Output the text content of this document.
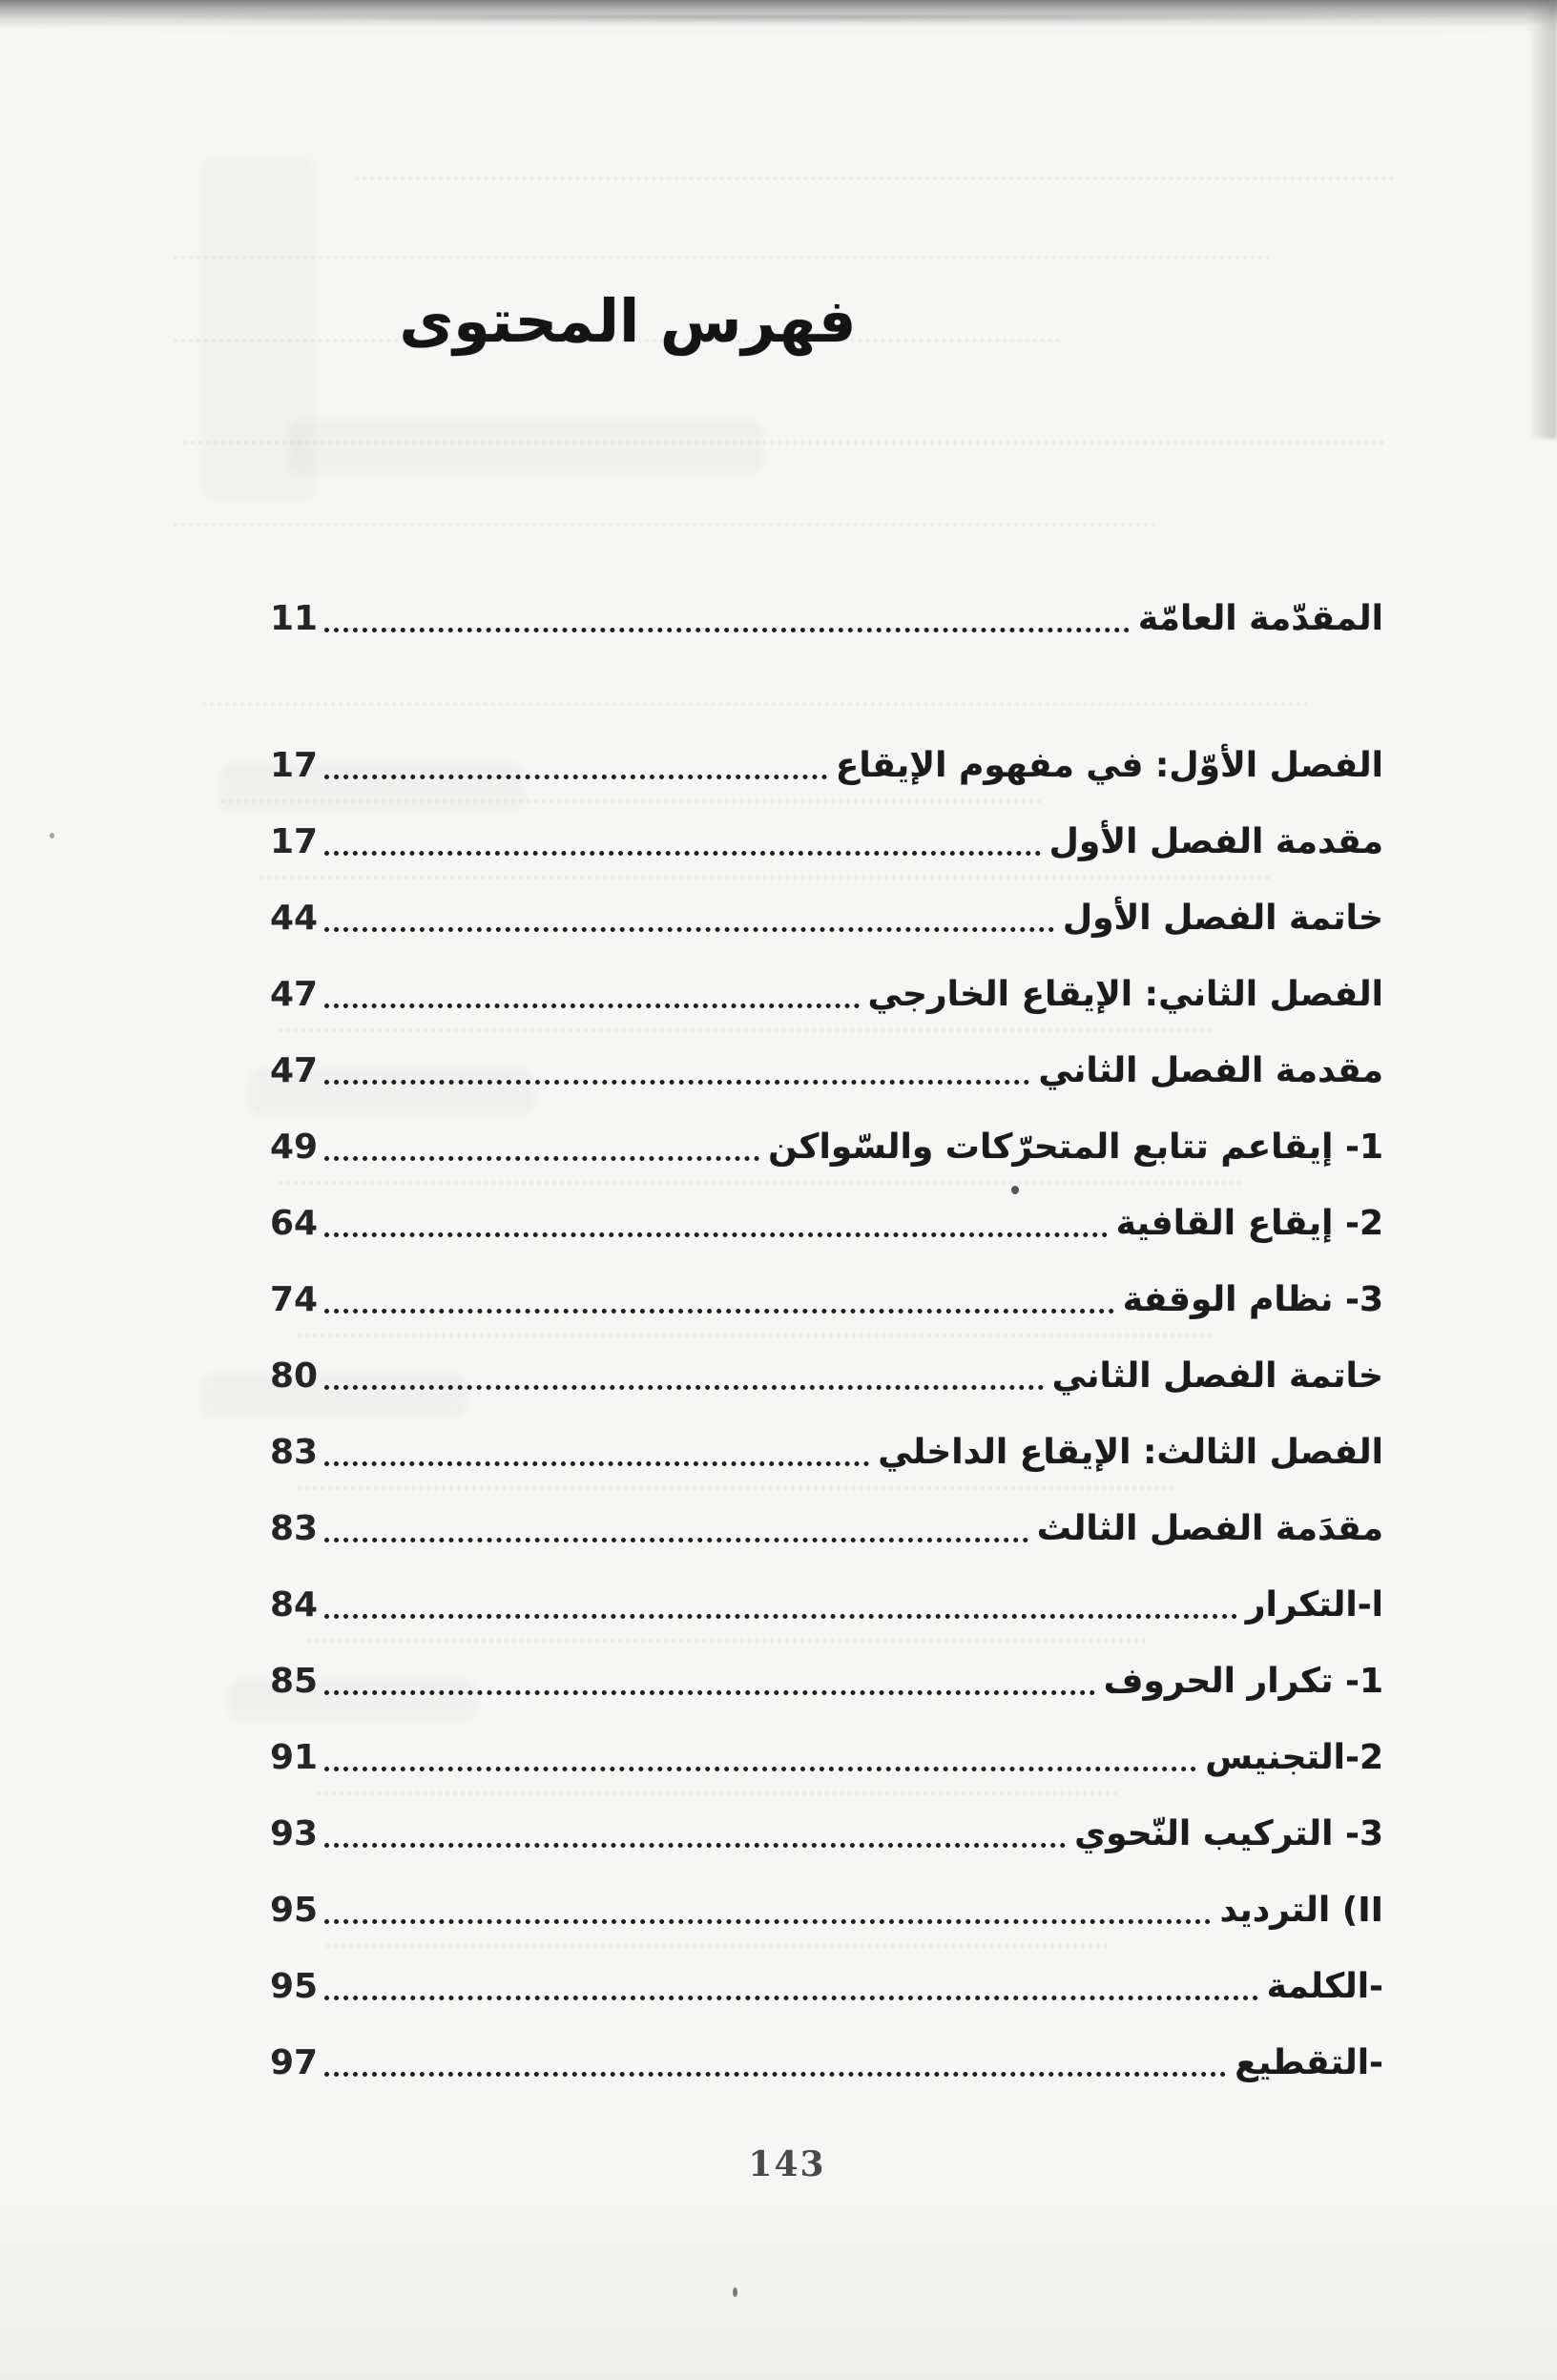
فهرس المحتوى
المقدّمة العامّة
11
الفصل الأوّل: في مفهوم الإيقاع
17
مقدمة الفصل الأول
17
خاتمة الفصل الأول
44
الفصل الثاني: الإيقاع الخارجي
47
مقدمة الفصل الثاني
47
1- إيقاعم تتابع المتحرّكات والسّواكن
49
2- إيقاع القافية
64
3- نظام الوقفة
74
خاتمة الفصل الثاني
80
الفصل الثالث: الإيقاع الداخلي
83
مقدَمة الفصل الثالث
83
ا-التكرار
84
1- تكرار الحروف
85
2-التجنيس
91
3- التركيب النّحوي
93
II) الترديد
95
-الكلمة
95
-التقطيع
97
143
